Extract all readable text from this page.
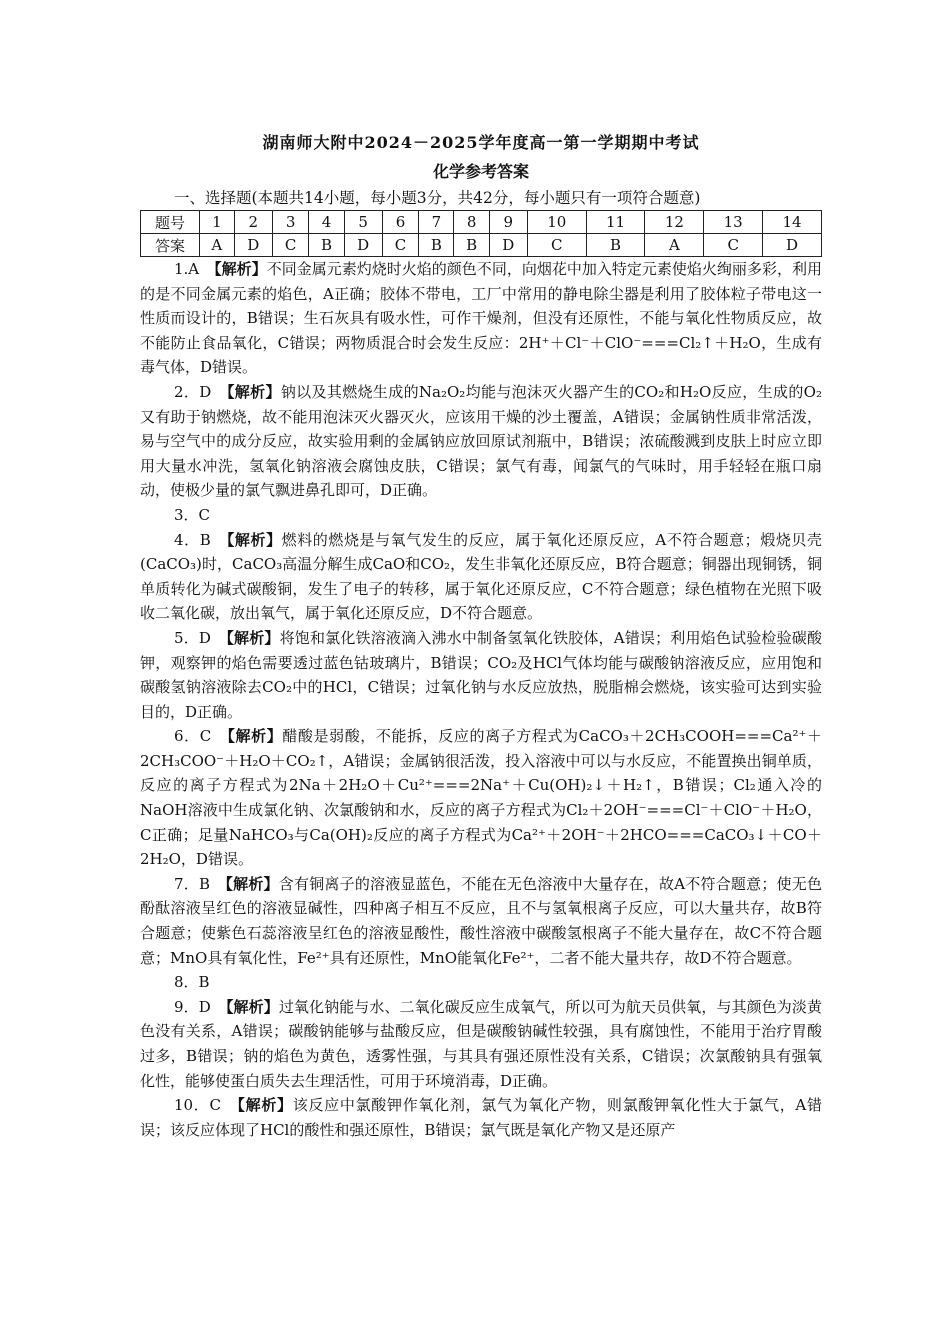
湖南师大附中2024－2025学年度高一第一学期期中考试
化学参考答案
一、选择题(本题共14小题，每小题3分，共42分，每小题只有一项符合题意)
题号	1	2	3	4	5	6	7	8	9	10	11	12	13	14
答案	A	D	C	B	D	C	B	B	D	C	B	A	C	D

1.A　【解析】不同金属元素灼烧时火焰的颜色不同，向烟花中加入特定元素使焰火绚丽多彩，利用的是不同金属元素的焰色，A正确；胶体不带电，工厂中常用的静电除尘器是利用了胶体粒子带电这一性质而设计的，B错误；生石灰具有吸水性，可作干燥剂，但没有还原性，不能与氧化性物质反应，故不能防止食品氧化，C错误；两物质混合时会发生反应：2H⁺＋Cl⁻＋ClO⁻===Cl₂↑＋H₂O，生成有毒气体，D错误。

2．D　【解析】钠以及其燃烧生成的Na₂O₂均能与泡沫灭火器产生的CO₂和H₂O反应，生成的O₂又有助于钠燃烧，故不能用泡沫灭火器灭火，应该用干燥的沙土覆盖，A错误；金属钠性质非常活泼，易与空气中的成分反应，故实验用剩的金属钠应放回原试剂瓶中，B错误；浓硫酸溅到皮肤上时应立即用大量水冲洗，氢氧化钠溶液会腐蚀皮肤，C错误；氯气有毒，闻氯气的气味时，用手轻轻在瓶口扇动，使极少量的氯气飘进鼻孔即可，D正确。

3．C

4．B　【解析】燃料的燃烧是与氧气发生的反应，属于氧化还原反应，A不符合题意；煅烧贝壳(CaCO₃)时，CaCO₃高温分解生成CaO和CO₂，发生非氧化还原反应，B符合题意；铜器出现铜锈，铜单质转化为碱式碳酸铜，发生了电子的转移，属于氧化还原反应，C不符合题意；绿色植物在光照下吸收二氧化碳，放出氧气，属于氧化还原反应，D不符合题意。

5．D　【解析】将饱和氯化铁溶液滴入沸水中制备氢氧化铁胶体，A错误；利用焰色试验检验碳酸钾，观察钾的焰色需要透过蓝色钴玻璃片，B错误；CO₂及HCl气体均能与碳酸钠溶液反应，应用饱和碳酸氢钠溶液除去CO₂中的HCl，C错误；过氧化钠与水反应放热，脱脂棉会燃烧，该实验可达到实验目的，D正确。

6．C　【解析】醋酸是弱酸，不能拆，反应的离子方程式为CaCO₃＋2CH₃COOH===Ca²⁺＋2CH₃COO⁻＋H₂O＋CO₂↑，A错误；金属钠很活泼，投入溶液中可以与水反应，不能置换出铜单质，反应的离子方程式为2Na＋2H₂O＋Cu²⁺===2Na⁺＋Cu(OH)₂↓＋H₂↑，B错误；Cl₂通入冷的NaOH溶液中生成氯化钠、次氯酸钠和水，反应的离子方程式为Cl₂＋2OH⁻===Cl⁻＋ClO⁻＋H₂O，C正确；足量NaHCO₃与Ca(OH)₂反应的离子方程式为Ca²⁺＋2OH⁻＋2HCO===CaCO₃↓＋CO＋2H₂O，D错误。

7．B　【解析】含有铜离子的溶液显蓝色，不能在无色溶液中大量存在，故A不符合题意；使无色酚酞溶液呈红色的溶液显碱性，四种离子相互不反应，且不与氢氧根离子反应，可以大量共存，故B符合题意；使紫色石蕊溶液呈红色的溶液显酸性，酸性溶液中碳酸氢根离子不能大量存在，故C不符合题意；MnO具有氧化性，Fe²⁺具有还原性，MnO能氧化Fe²⁺，二者不能大量共存，故D不符合题意。

8．B

9．D　【解析】过氧化钠能与水、二氧化碳反应生成氧气，所以可为航天员供氧，与其颜色为淡黄色没有关系，A错误；碳酸钠能够与盐酸反应，但是碳酸钠碱性较强，具有腐蚀性，不能用于治疗胃酸过多，B错误；钠的焰色为黄色，透雾性强，与其具有强还原性没有关系，C错误；次氯酸钠具有强氧化性，能够使蛋白质失去生理活性，可用于环境消毒，D正确。

10．C　【解析】该反应中氯酸钾作氧化剂，氯气为氧化产物，则氯酸钾氧化性大于氯气，A错误；该反应体现了HCl的酸性和强还原性，B错误；氯气既是氧化产物又是还原产
